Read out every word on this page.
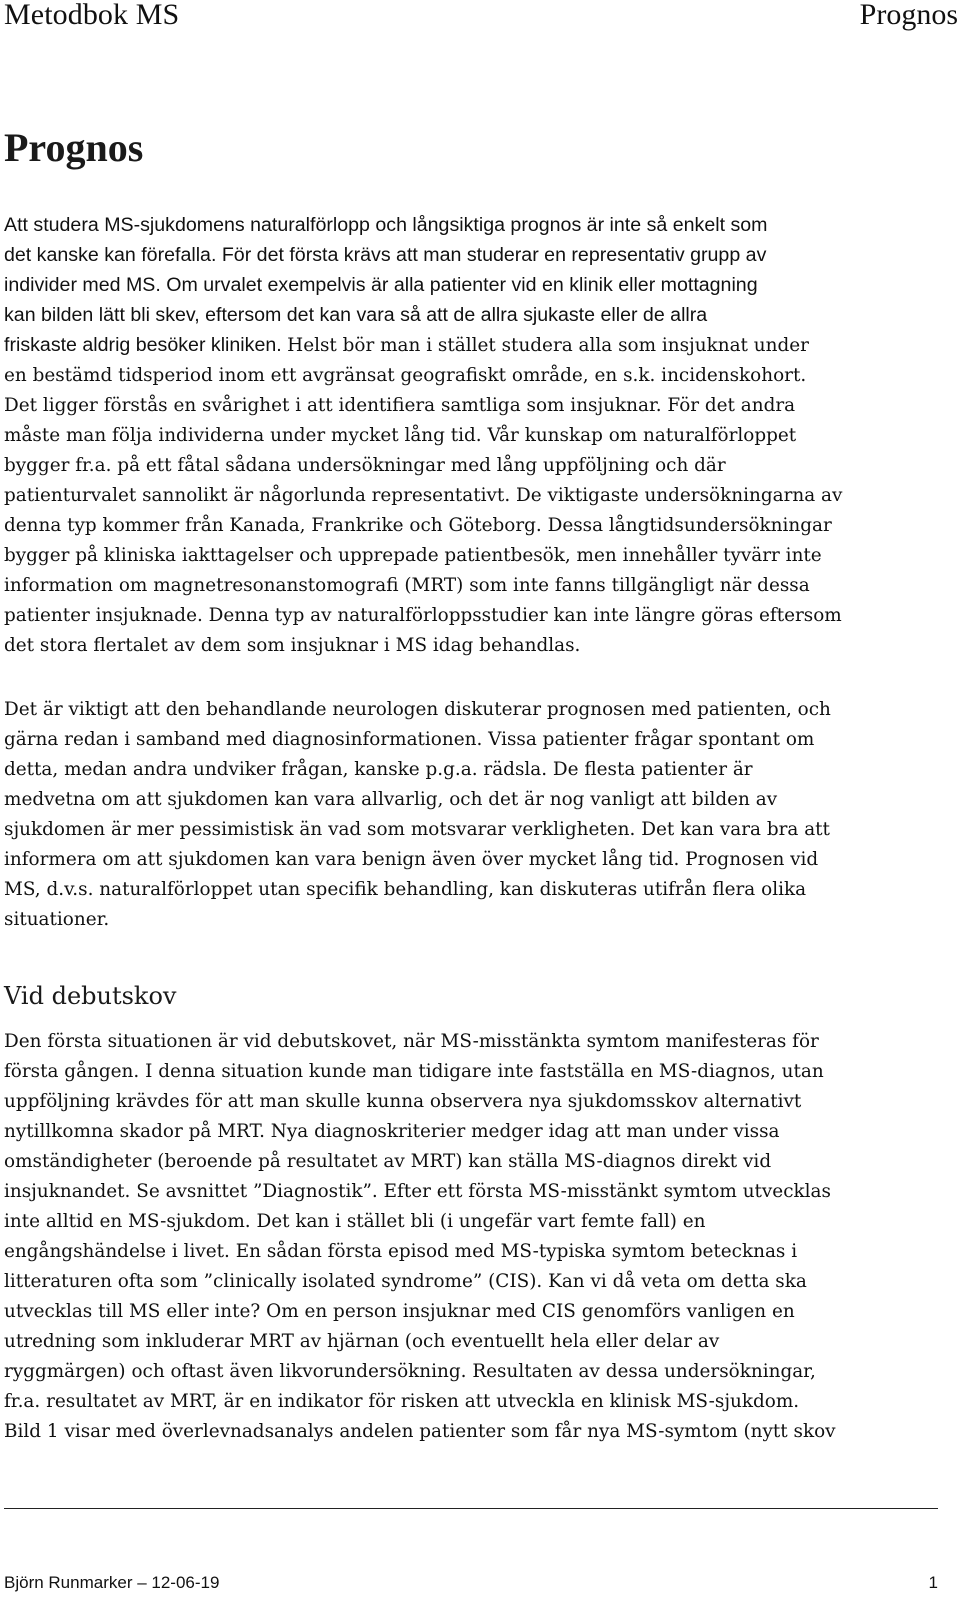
Metodbok MS	Prognos
Prognos
Att studera MS-sjukdomens naturalförlopp och långsiktiga prognos är inte så enkelt som
det kanske kan förefalla. För det första krävs att man studerar en representativ grupp av
individer med MS. Om urvalet exempelvis är alla patienter vid en klinik eller mottagning
kan bilden lätt bli skev, eftersom det kan vara så att de allra sjukaste eller de allra
friskaste aldrig besöker kliniken. Helst bör man i stället studera alla som insjuknat under
en bestämd tidsperiod inom ett avgränsat geografiskt område, en s.k. incidenskohort.
Det ligger förstås en svårighet i att identifiera samtliga som insjuknar. För det andra
måste man följa individerna under mycket lång tid. Vår kunskap om naturalförloppet
bygger fr.a. på ett fåtal sådana undersökningar med lång uppföljning och där
patienturvalet sannolikt är någorlunda representativt. De viktigaste undersökningarna av
denna typ kommer från Kanada, Frankrike och Göteborg. Dessa långtidsundersökningar
bygger på kliniska iakttagelser och upprepade patientbesök, men innehåller tyvärr inte
information om magnetresonanstomografi (MRT) som inte fanns tillgängligt när dessa
patienter insjuknade. Denna typ av naturalförloppsstudier kan inte längre göras eftersom
det stora flertalet av dem som insjuknar i MS idag behandlas.
Det är viktigt att den behandlande neurologen diskuterar prognosen med patienten, och
gärna redan i samband med diagnosinformationen. Vissa patienter frågar spontant om
detta, medan andra undviker frågan, kanske p.g.a. rädsla. De flesta patienter är
medvetna om att sjukdomen kan vara allvarlig, och det är nog vanligt att bilden av
sjukdomen är mer pessimistisk än vad som motsvarar verkligheten. Det kan vara bra att
informera om att sjukdomen kan vara benign även över mycket lång tid. Prognosen vid
MS, d.v.s. naturalförloppet utan specifik behandling, kan diskuteras utifrån flera olika
situationer.
Vid debutskov
Den första situationen är vid debutskovet, när MS-misstänkta symtom manifesteras för
första gången. I denna situation kunde man tidigare inte fastställa en MS-diagnos, utan
uppföljning krävdes för att man skulle kunna observera nya sjukdomsskov alternativt
nytillkomna skador på MRT. Nya diagnoskriterier medger idag att man under vissa
omständigheter (beroende på resultatet av MRT) kan ställa MS-diagnos direkt vid
insjuknandet. Se avsnittet ”Diagnostik”. Efter ett första MS-misstänkt symtom utvecklas
inte alltid en MS-sjukdom. Det kan i stället bli (i ungefär vart femte fall) en
engångshändelse i livet. En sådan första episod med MS-typiska symtom betecknas i
litteraturen ofta som ”clinically isolated syndrome” (CIS). Kan vi då veta om detta ska
utvecklas till MS eller inte? Om en person insjuknar med CIS genomförs vanligen en
utredning som inkluderar MRT av hjärnan (och eventuellt hela eller delar av
ryggmärgen) och oftast även likvorundersökning. Resultaten av dessa undersökningar,
fr.a. resultatet av MRT, är en indikator för risken att utveckla en klinisk MS-sjukdom.
Bild 1 visar med överlevnadsanalys andelen patienter som får nya MS-symtom (nytt skov
Björn Runmarker – 12-06-19	1
